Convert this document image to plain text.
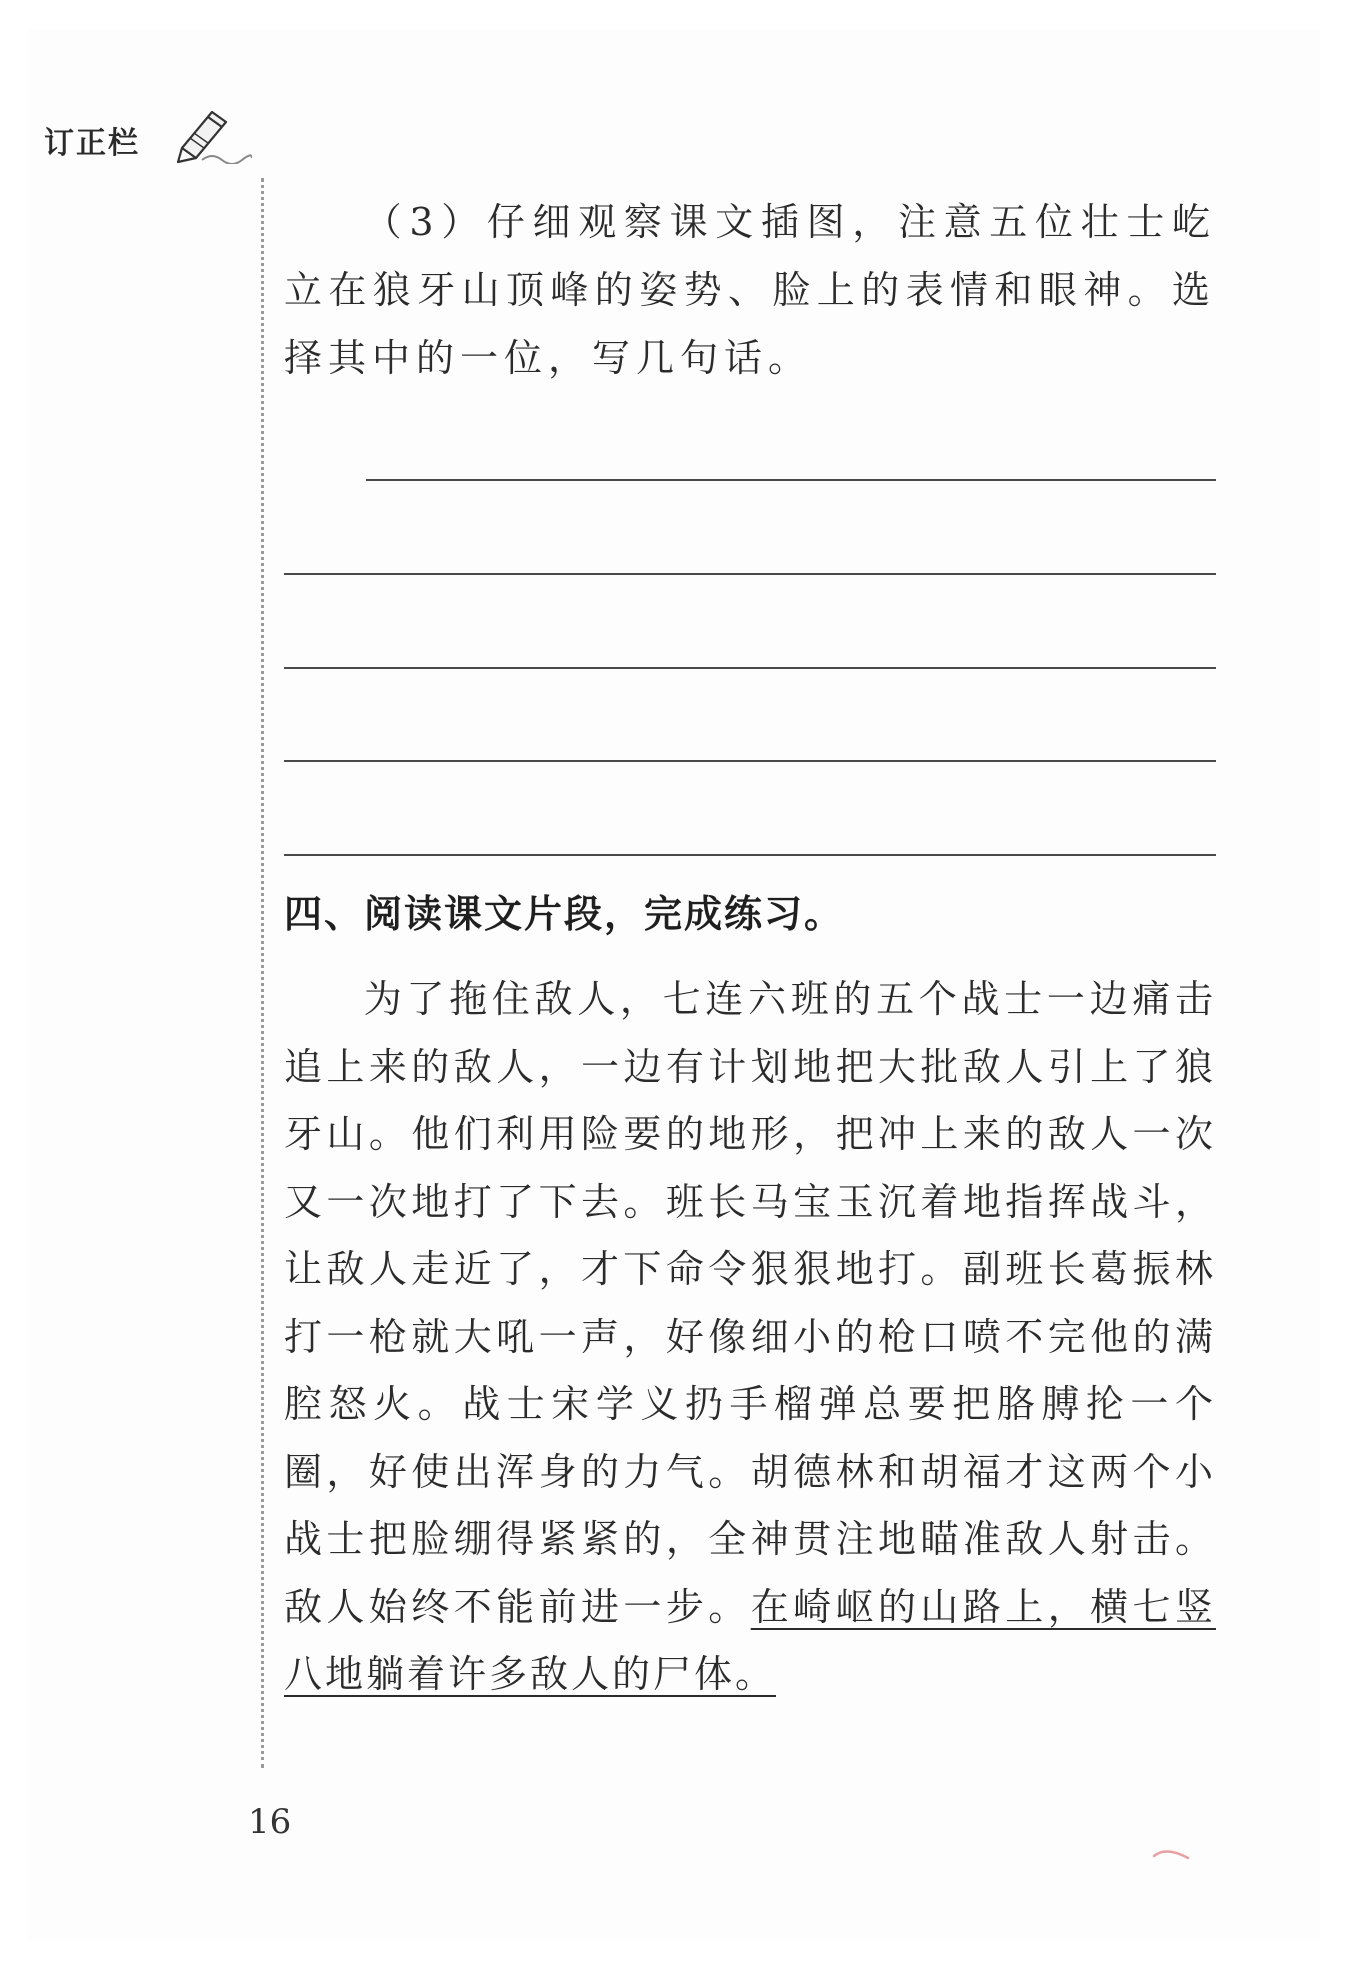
订正栏
（3）仔细观察课文插图，注意五位壮士屹立在狼牙山顶峰的姿势、脸上的表情和眼神。选择其中的一位，写几句话。
四、阅读课文片段，完成练习。
为了拖住敌人，七连六班的五个战士一边痛击追上来的敌人，一边有计划地把大批敌人引上了狼牙山。他们利用险要的地形，把冲上来的敌人一次又一次地打了下去。班长马宝玉沉着地指挥战斗，让敌人走近了，才下命令狠狠地打。副班长葛振林打一枪就大吼一声，好像细小的枪口喷不完他的满腔怒火。战士宋学义扔手榴弹总要把胳膊抡一个圈，好使出浑身的力气。胡德林和胡福才这两个小战士把脸绷得紧紧的，全神贯注地瞄准敌人射击。敌人始终不能前进一步。在崎岖的山路上，横七竖八地躺着许多敌人的尸体。
16
